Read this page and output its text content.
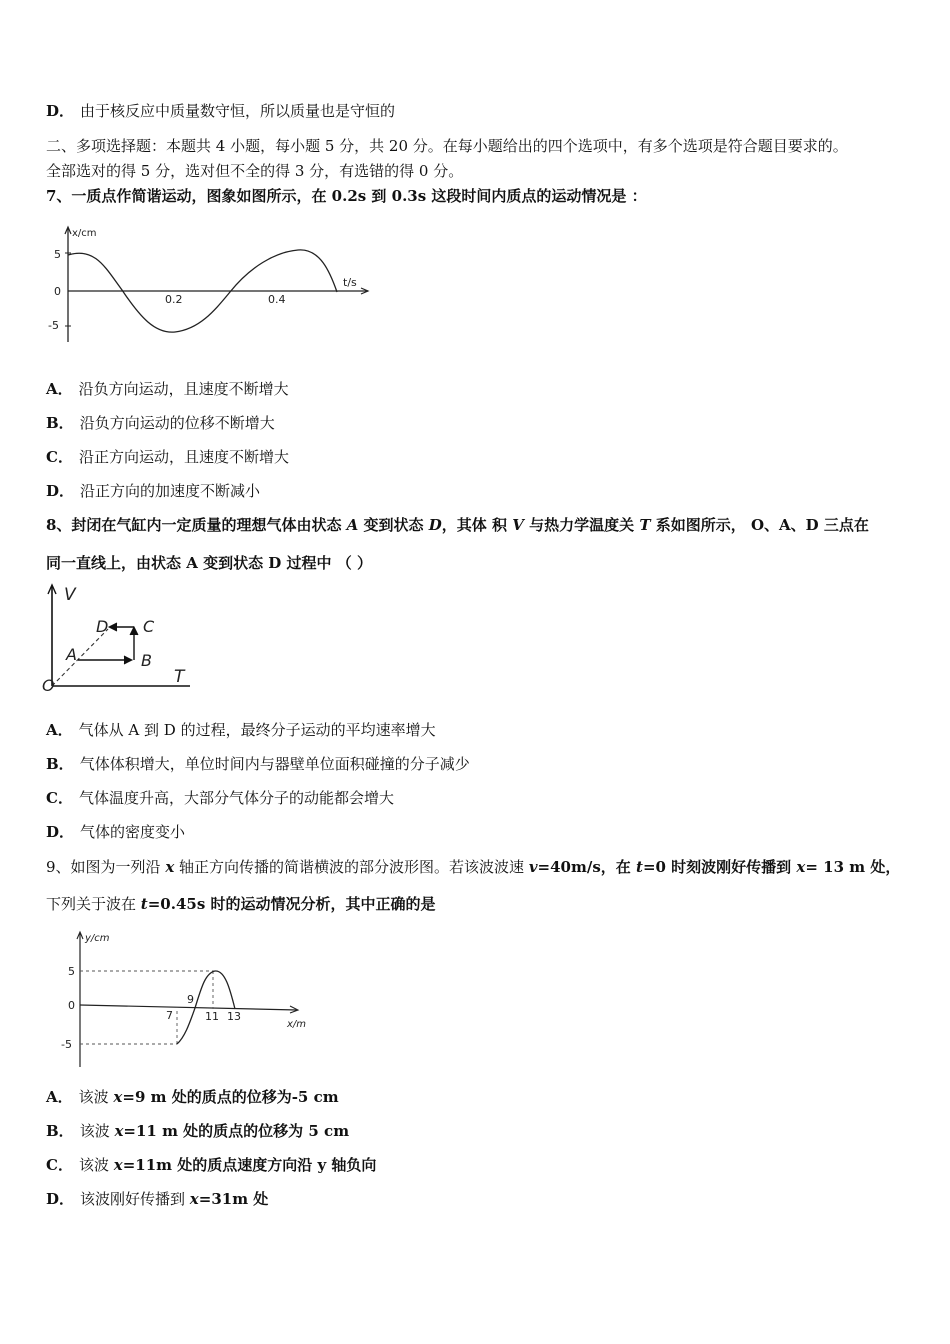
D． 由于核反应中质量数守恒，所以质量也是守恒的
二、多项选择题：本题共 4 小题，每小题 5 分，共 20 分。在每小题给出的四个选项中，有多个选项是符合题目要求的。
全部选对的得 5 分，选对但不全的得 3 分，有选错的得 0 分。
7、一质点作简谐运动，图象如图所示，在 0.2s 到 0.3s 这段时间内质点的运动情况是 ：
x/cm
t/s
5
0
-5
0.2	0.4
A． 沿负方向运动，且速度不断增大
B． 沿负方向运动的位移不断增大
C． 沿正方向运动，且速度不断增大
D． 沿正方向的加速度不断减小
8、封闭在气缸内一定质量的理想气体由状态 A 变到状态 D，其体 积 V 与热力学温度关 T 系如图所示， O、A、D 三点在
同一直线上，由状态 A 变到状态 D 过程中 （ ）
V
T
O
A	B
C
D
A． 气体从 A 到 D 的过程，最终分子运动的平均速率增大
B． 气体体积增大，单位时间内与器壁单位面积碰撞的分子减少
C． 气体温度升高，大部分气体分子的动能都会增大
D． 气体的密度变小
9、如图为一列沿 x 轴正方向传播的简谐横波的部分波形图。若该波波速 v=40m/s，在 t=0 时刻波刚好传播到 x= 13 m 处，
下列关于波在 t=0.45s 时的运动情况分析，其中正确的是
y/cm
x/m
5
0
-5
7
9
11 13
A． 该波 x=9 m 处的质点的位移为-5 cm
B． 该波 x=11 m 处的质点的位移为 5 cm
C． 该波 x=11m 处的质点速度方向沿 y 轴负向
D． 该波刚好传播到 x=31m 处
